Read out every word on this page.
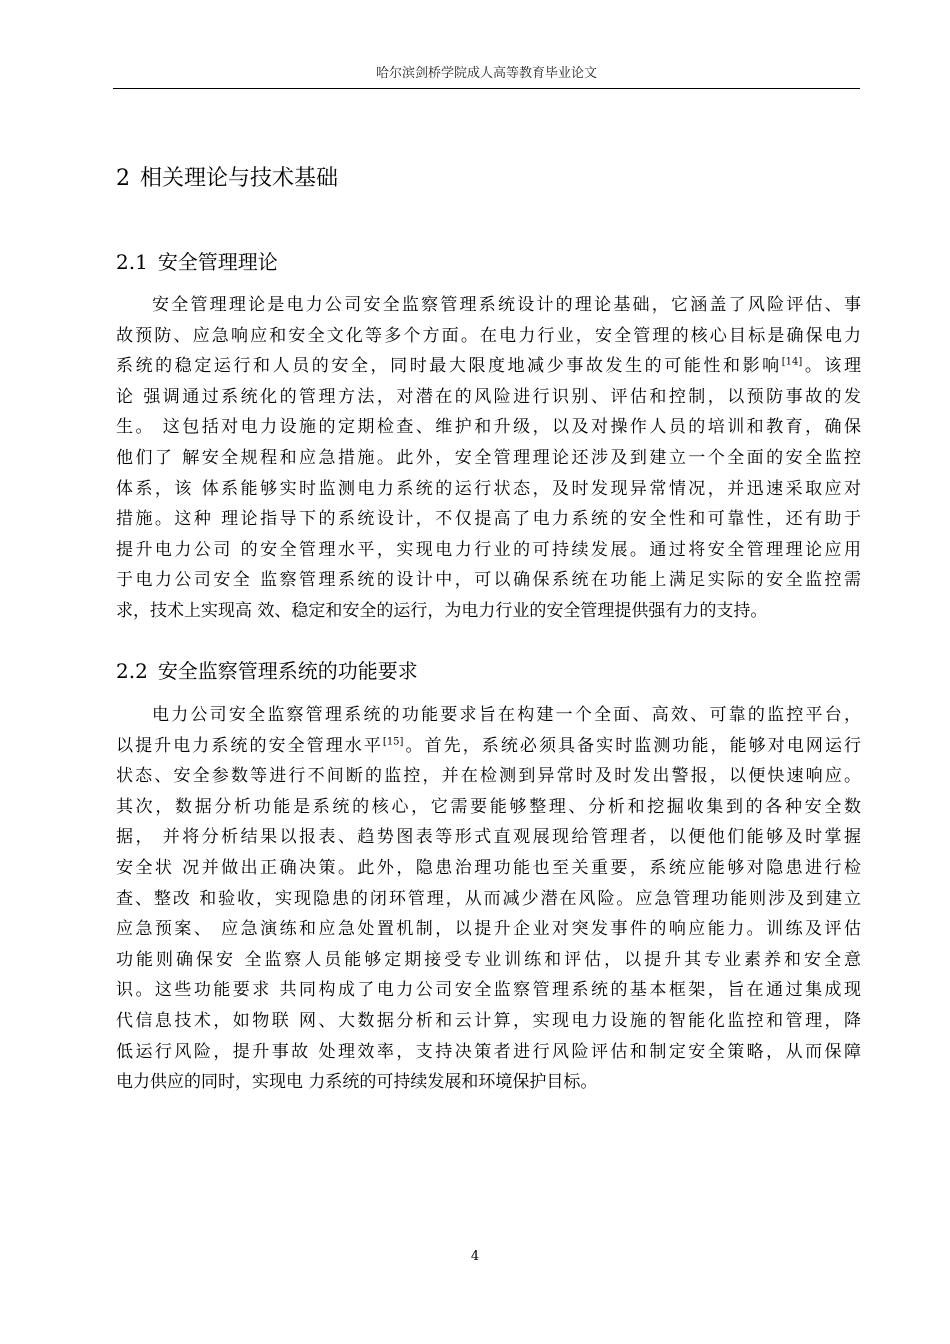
哈尔滨剑桥学院成人高等教育毕业论文
2 相关理论与技术基础
2.1 安全管理理论
安全管理理论是电力公司安全监察管理系统设计的理论基础，它涵盖了风险评估、事
故预防、应急响应和安全文化等多个方面。在电力行业，安全管理的核心目标是确保电力
系统的稳定运行和人员的安全，同时最大限度地减少事故发生的可能性和影响[14]。该理
论 强调通过系统化的管理方法，对潜在的风险进行识别、评估和控制，以预防事故的发
生。 这包括对电力设施的定期检查、维护和升级，以及对操作人员的培训和教育，确保
他们了 解安全规程和应急措施。此外，安全管理理论还涉及到建立一个全面的安全监控
体系，该 体系能够实时监测电力系统的运行状态，及时发现异常情况，并迅速采取应对
措施。这种 理论指导下的系统设计，不仅提高了电力系统的安全性和可靠性，还有助于
提升电力公司 的安全管理水平，实现电力行业的可持续发展。通过将安全管理理论应用
于电力公司安全 监察管理系统的设计中，可以确保系统在功能上满足实际的安全监控需
求，技术上实现高 效、稳定和安全的运行，为电力行业的安全管理提供强有力的支持。
2.2 安全监察管理系统的功能要求
电力公司安全监察管理系统的功能要求旨在构建一个全面、高效、可靠的监控平台，
以提升电力系统的安全管理水平[15]。首先，系统必须具备实时监测功能，能够对电网运行
状态、安全参数等进行不间断的监控，并在检测到异常时及时发出警报，以便快速响应。
其次，数据分析功能是系统的核心，它需要能够整理、分析和挖掘收集到的各种安全数
据， 并将分析结果以报表、趋势图表等形式直观展现给管理者，以便他们能够及时掌握
安全状 况并做出正确决策。此外，隐患治理功能也至关重要，系统应能够对隐患进行检
查、整改 和验收，实现隐患的闭环管理，从而减少潜在风险。应急管理功能则涉及到建立
应急预案、 应急演练和应急处置机制，以提升企业对突发事件的响应能力。训练及评估
功能则确保安 全监察人员能够定期接受专业训练和评估，以提升其专业素养和安全意
识。这些功能要求 共同构成了电力公司安全监察管理系统的基本框架，旨在通过集成现
代信息技术，如物联 网、大数据分析和云计算，实现电力设施的智能化监控和管理，降
低运行风险，提升事故 处理效率，支持决策者进行风险评估和制定安全策略，从而保障
电力供应的同时，实现电 力系统的可持续发展和环境保护目标。
4
